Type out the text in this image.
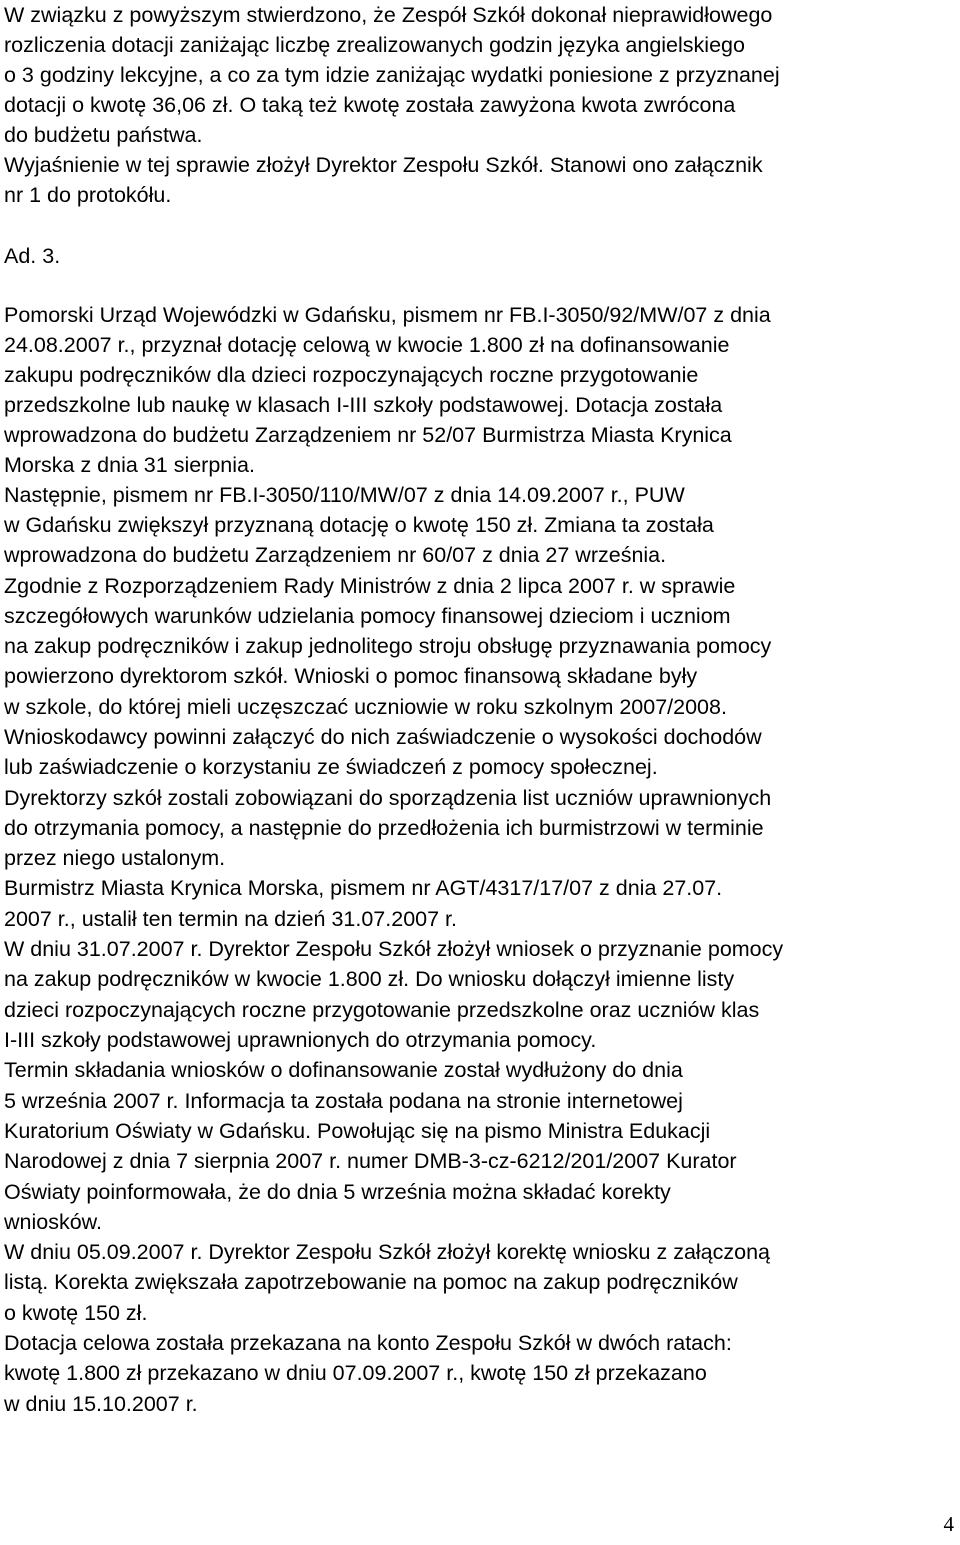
W związku z powyższym stwierdzono, że Zespół Szkół dokonał nieprawidłowego
rozliczenia dotacji zaniżając liczbę zrealizowanych godzin języka angielskiego
o 3 godziny lekcyjne, a co za tym idzie zaniżając wydatki poniesione z przyznanej
dotacji o kwotę 36,06 zł. O taką też kwotę została zawyżona kwota zwrócona
do budżetu państwa.
Wyjaśnienie w tej sprawie złożył Dyrektor Zespołu Szkół. Stanowi ono załącznik
nr 1 do protokółu.
Ad. 3.
Pomorski Urząd Wojewódzki w Gdańsku, pismem nr FB.I-3050/92/MW/07 z dnia
24.08.2007 r., przyznał dotację celową w kwocie 1.800 zł na dofinansowanie
zakupu podręczników dla dzieci rozpoczynających roczne przygotowanie
przedszkolne lub naukę w klasach I-III szkoły podstawowej. Dotacja została
wprowadzona do budżetu Zarządzeniem nr 52/07 Burmistrza Miasta Krynica
Morska z dnia 31 sierpnia.
Następnie, pismem nr FB.I-3050/110/MW/07 z dnia 14.09.2007 r., PUW
w Gdańsku zwiększył przyznaną dotację o kwotę 150 zł. Zmiana ta została
wprowadzona do budżetu Zarządzeniem nr 60/07 z dnia 27 września.
Zgodnie z Rozporządzeniem Rady Ministrów z dnia 2 lipca 2007 r. w sprawie
szczegółowych warunków udzielania pomocy finansowej dzieciom i uczniom
na zakup podręczników i zakup jednolitego stroju obsługę przyznawania pomocy
powierzono dyrektorom szkół. Wnioski o pomoc finansową składane były
w szkole, do której mieli uczęszczać uczniowie w roku szkolnym 2007/2008.
Wnioskodawcy powinni załączyć do nich zaświadczenie o wysokości dochodów
lub zaświadczenie o korzystaniu ze świadczeń z pomocy społecznej.
Dyrektorzy szkół zostali zobowiązani do sporządzenia list uczniów uprawnionych
do otrzymania pomocy, a następnie do przedłożenia ich burmistrzowi w terminie
przez niego ustalonym.
Burmistrz Miasta Krynica Morska, pismem nr AGT/4317/17/07 z dnia 27.07.
2007 r., ustalił ten termin na dzień 31.07.2007 r.
W dniu 31.07.2007 r. Dyrektor Zespołu Szkół złożył wniosek o przyznanie pomocy
na zakup podręczników w kwocie 1.800 zł. Do wniosku dołączył imienne listy
dzieci rozpoczynających roczne przygotowanie przedszkolne oraz uczniów klas
I-III szkoły podstawowej uprawnionych do otrzymania pomocy.
Termin składania wniosków o dofinansowanie został wydłużony do dnia
5 września 2007 r. Informacja ta została podana na stronie internetowej
Kuratorium Oświaty w Gdańsku. Powołując się na pismo Ministra Edukacji
Narodowej z dnia 7 sierpnia 2007 r. numer DMB-3-cz-6212/201/2007 Kurator
Oświaty poinformowała, że do dnia 5 września można składać korekty
wniosków.
W dniu 05.09.2007 r. Dyrektor Zespołu Szkół złożył korektę wniosku z załączoną
listą. Korekta zwiększała zapotrzebowanie na pomoc na zakup podręczników
o kwotę 150 zł.
Dotacja celowa została przekazana na konto Zespołu Szkół w dwóch ratach:
kwotę 1.800 zł przekazano w dniu 07.09.2007 r., kwotę 150 zł przekazano
w dniu 15.10.2007 r.
4
